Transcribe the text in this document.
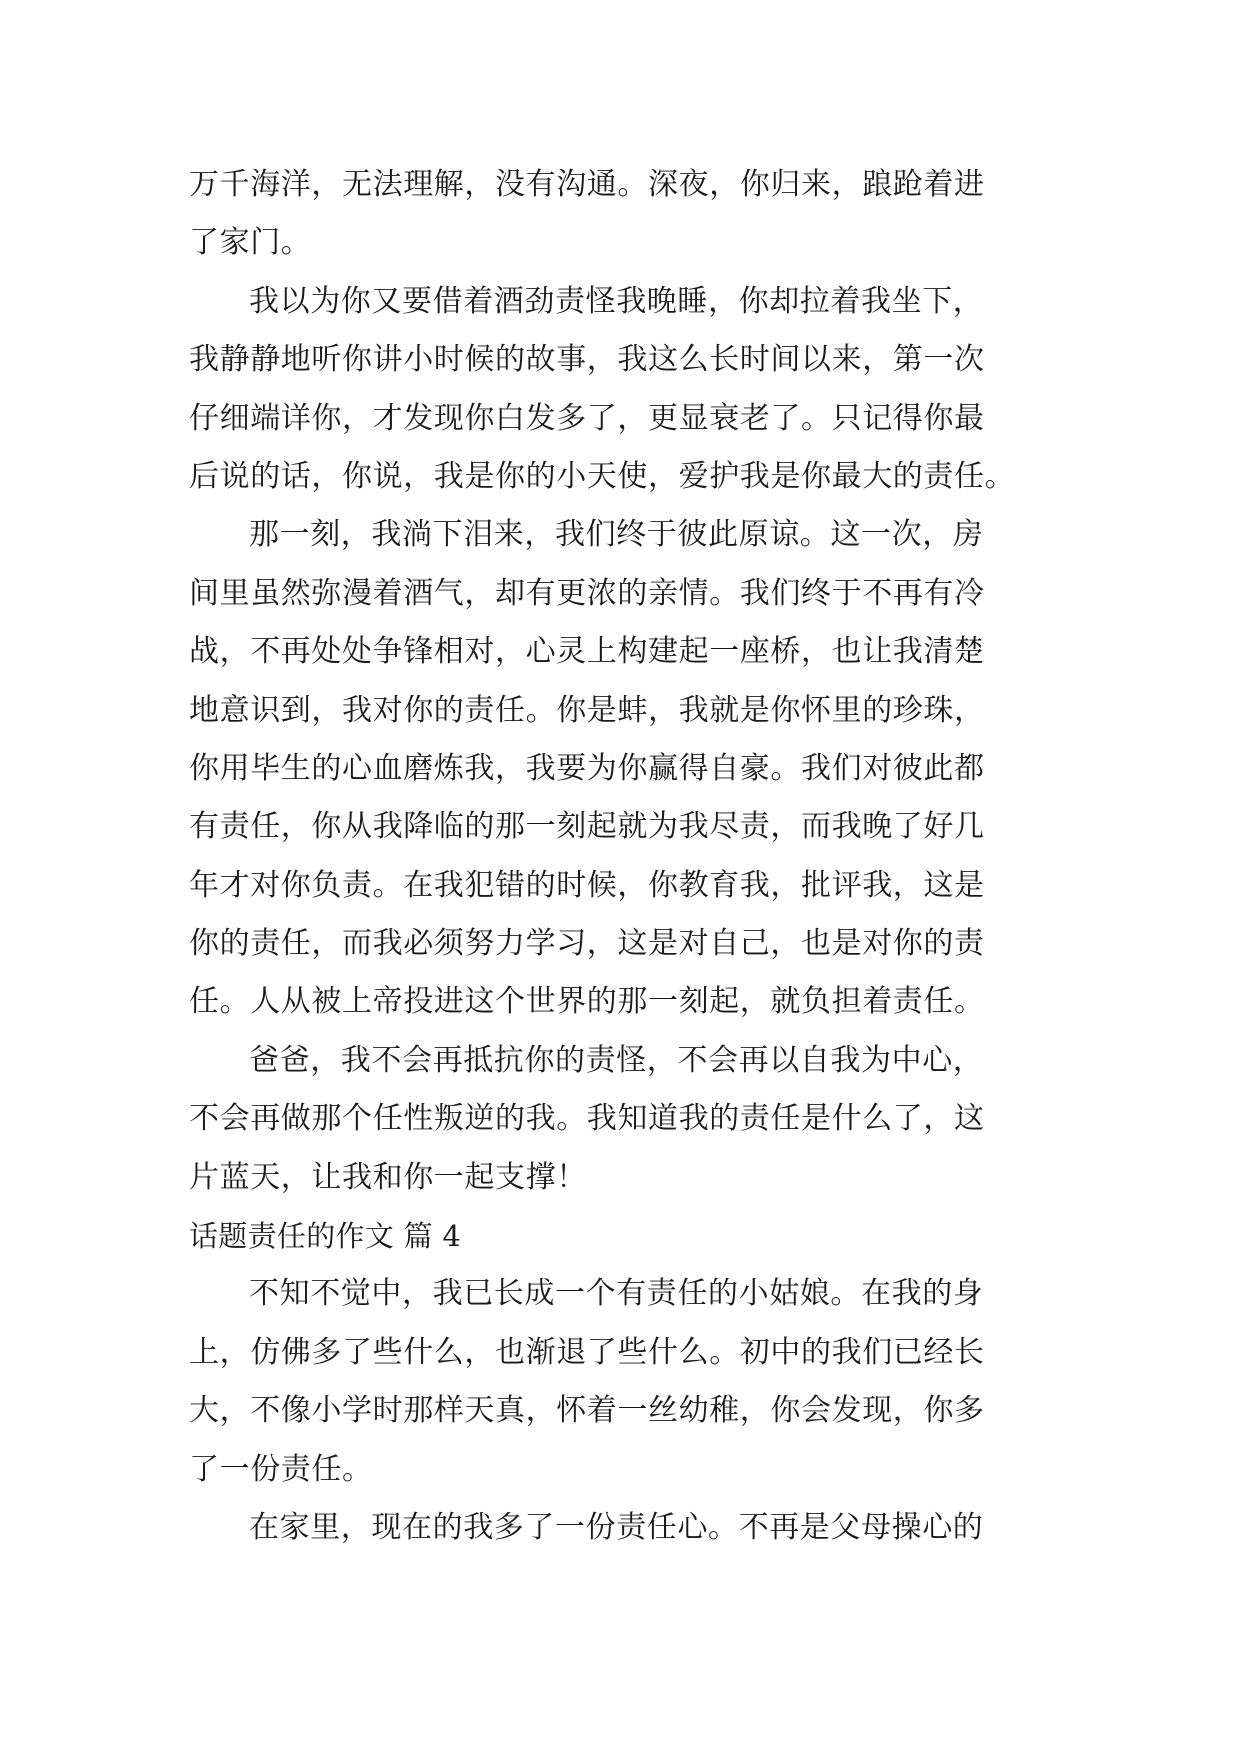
万千海洋，无法理解，没有沟通。深夜，你归来，踉跄着进
了家门。
我以为你又要借着酒劲责怪我晚睡，你却拉着我坐下，
我静静地听你讲小时候的故事，我这么长时间以来，第一次
仔细端详你，才发现你白发多了，更显衰老了。只记得你最
后说的话，你说，我是你的小天使，爱护我是你最大的责任。
那一刻，我淌下泪来，我们终于彼此原谅。这一次，房
间里虽然弥漫着酒气，却有更浓的亲情。我们终于不再有冷
战，不再处处争锋相对，心灵上构建起一座桥，也让我清楚
地意识到，我对你的责任。你是蚌，我就是你怀里的珍珠，
你用毕生的心血磨炼我，我要为你赢得自豪。我们对彼此都
有责任，你从我降临的那一刻起就为我尽责，而我晚了好几
年才对你负责。在我犯错的时候，你教育我，批评我，这是
你的责任，而我必须努力学习，这是对自己，也是对你的责
任。人从被上帝投进这个世界的那一刻起，就负担着责任。
爸爸，我不会再抵抗你的责怪，不会再以自我为中心，
不会再做那个任性叛逆的我。我知道我的责任是什么了，这
片蓝天，让我和你一起支撑！
话题责任的作文 篇 4
不知不觉中，我已长成一个有责任的小姑娘。在我的身
上，仿佛多了些什么，也渐退了些什么。初中的我们已经长
大，不像小学时那样天真，怀着一丝幼稚，你会发现，你多
了一份责任。
在家里，现在的我多了一份责任心。不再是父母操心的
